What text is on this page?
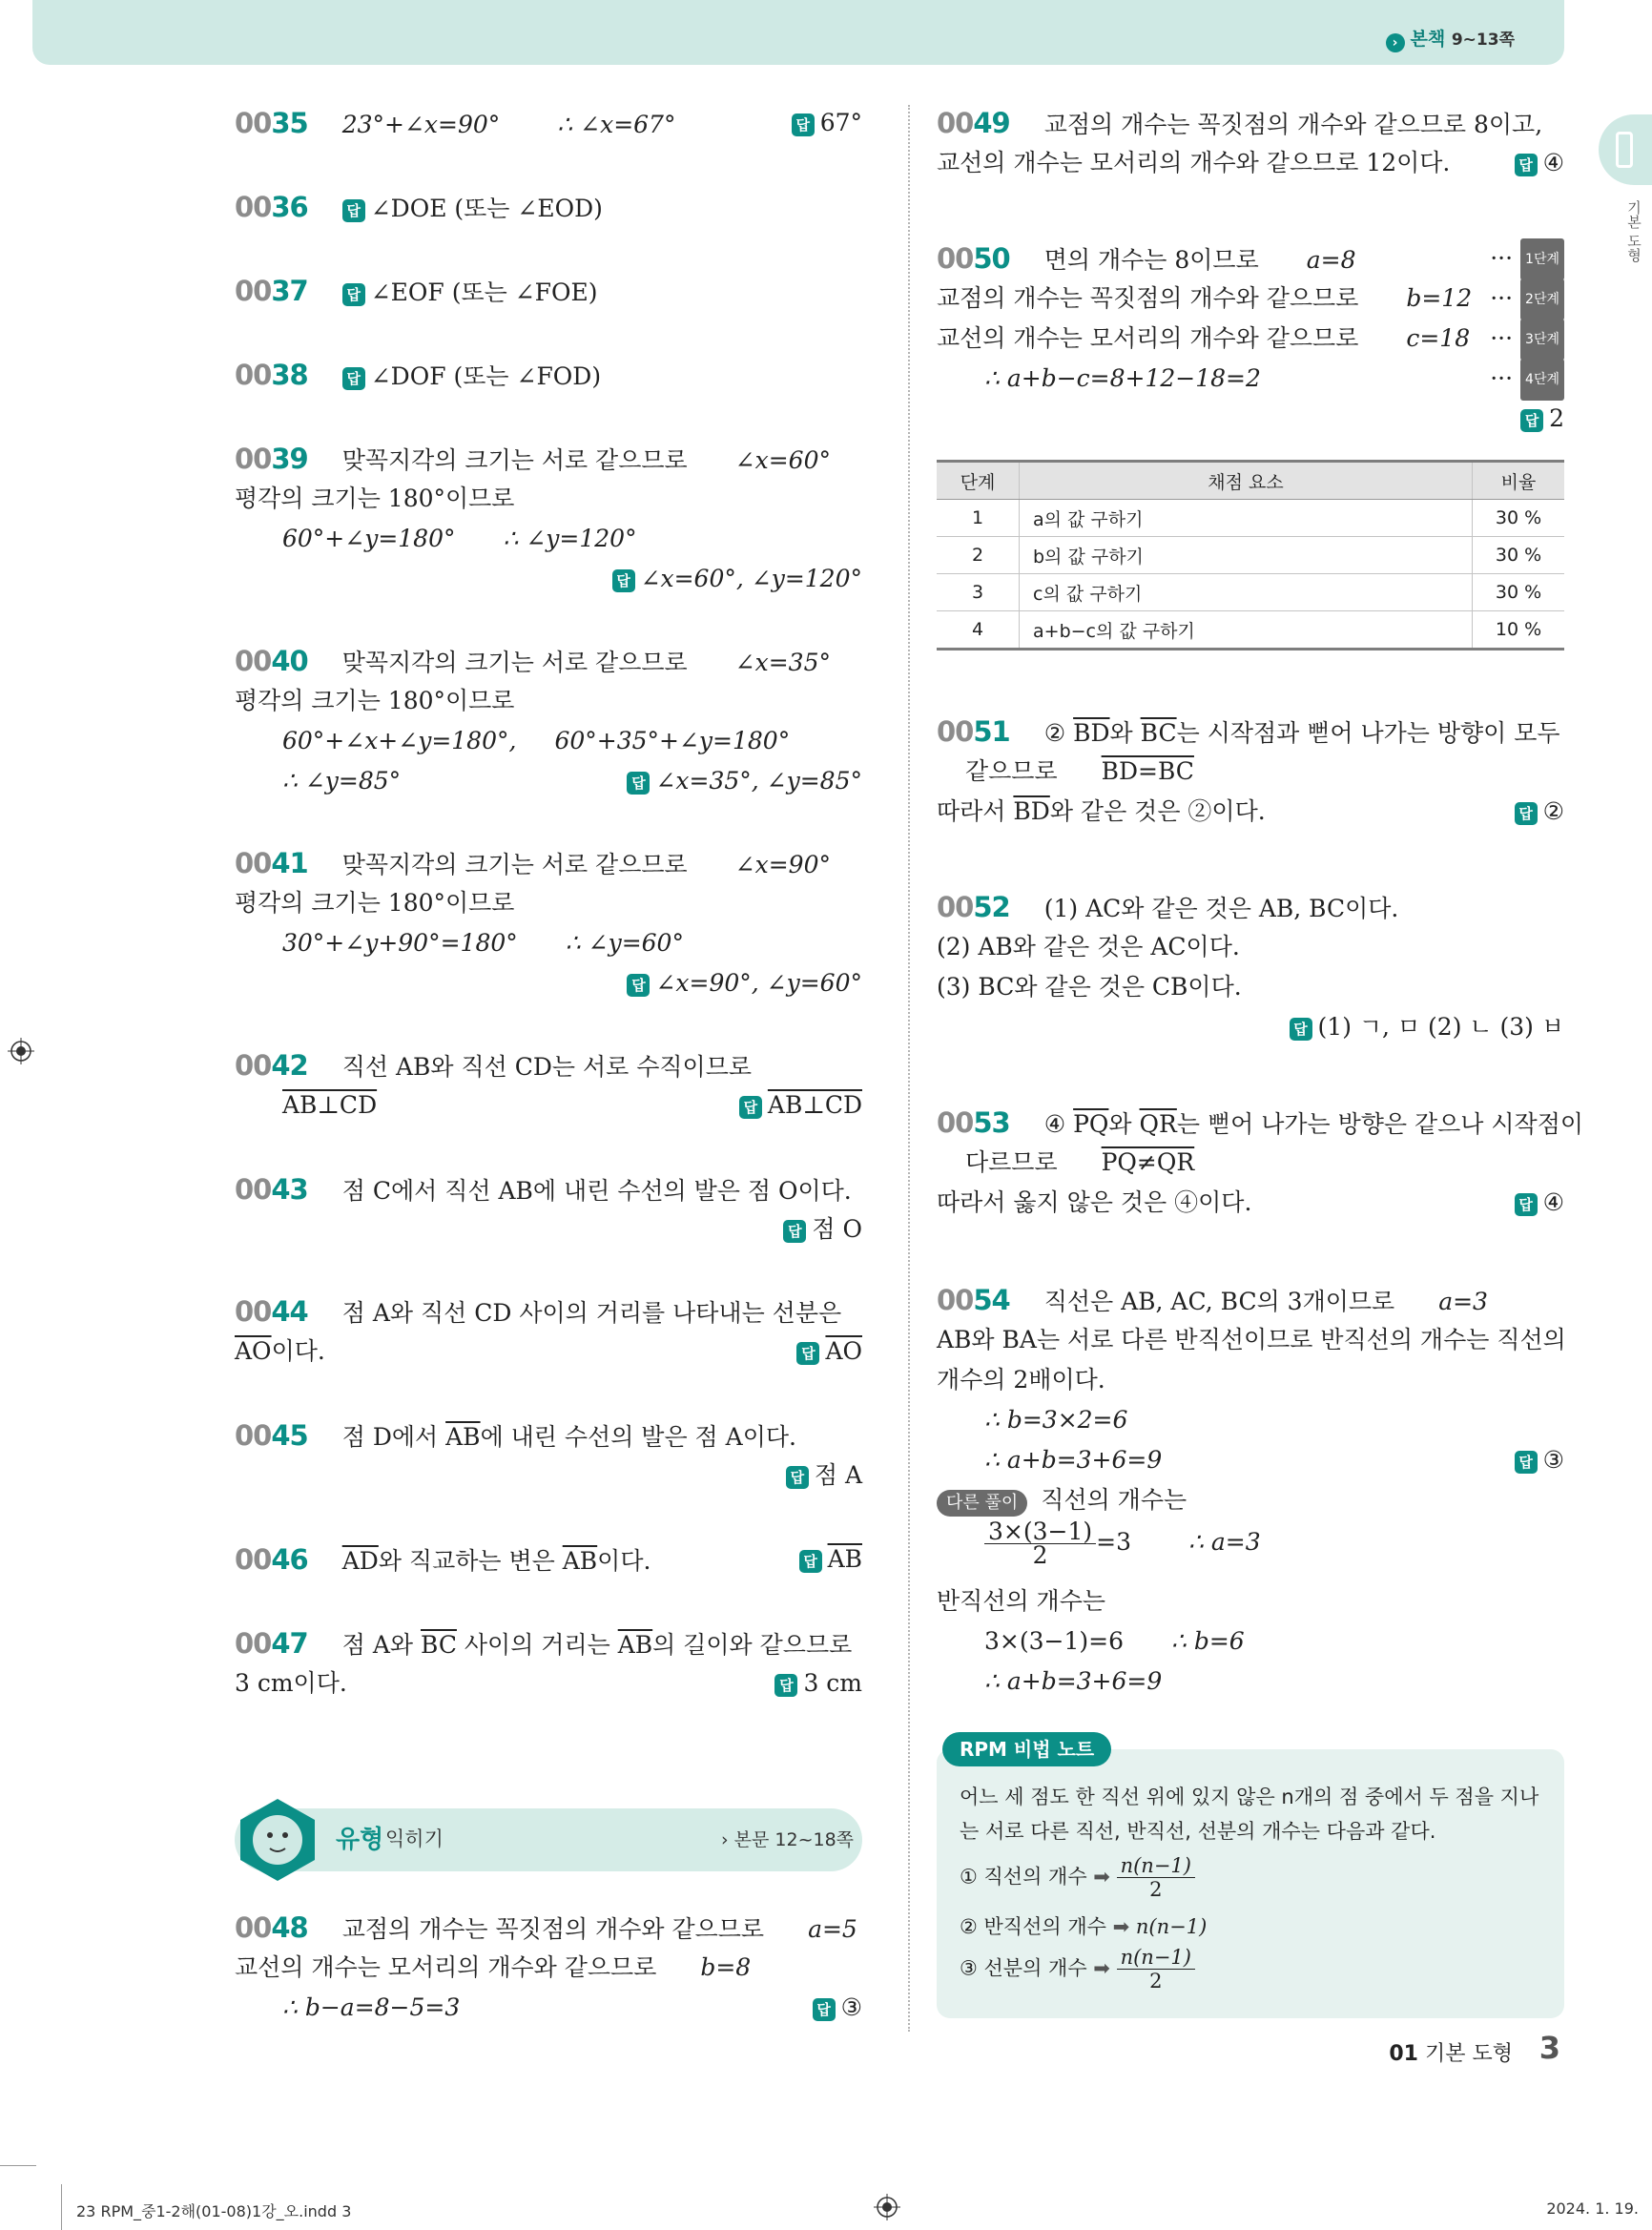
› 본책 9~13쪽
기본 도형
0035 23°+∠x=90° ∴ ∠x=67°	답 67°
0036	답 ∠DOE (또는 ∠EOD)
0037	답 ∠EOF (또는 ∠FOE)
0038	답 ∠DOF (또는 ∠FOD)
0039 맞꼭지각의 크기는 서로 같으므로 ∠x=60°
평각의 크기는 180°이므로
60°+∠y=180° ∴ ∠y=120°
답 ∠x=60°, ∠y=120°
0040 맞꼭지각의 크기는 서로 같으므로 ∠x=35°
평각의 크기는 180°이므로
60°+∠x+∠y=180°, 60°+35°+∠y=180°
∴ ∠y=85°	답 ∠x=35°, ∠y=85°
0041 맞꼭지각의 크기는 서로 같으므로 ∠x=90°
평각의 크기는 180°이므로
30°+∠y+90°=180° ∴ ∠y=60°
답 ∠x=90°, ∠y=60°
0042 직선 AB와 직선 CD는 서로 수직이므로
AB⊥CD	답 AB⊥CD
0043 점 C에서 직선 AB에 내린 수선의 발은 점 O이다.
답 점 O
0044 점 A와 직선 CD 사이의 거리를 나타내는 선분은
$\overline{AO}$이다.	답 $\overline{AO}$
0045 점 D에서 $\overline{AB}$에 내린 수선의 발은 점 A이다.
답 점 A
0046 $\overline{AD}$와 직교하는 변은 $\overline{AB}$이다.	답 $\overline{AB}$
0047 점 A와 $\overline{BC}$ 사이의 거리는 $\overline{AB}$의 길이와 같으므로
3 cm이다.	답 3 cm
유형 익히기	› 본문 12~18쪽
0048 교점의 개수는 꼭짓점의 개수와 같으므로 a=5
교선의 개수는 모서리의 개수와 같으므로 b=8
∴ b−a=8−5=3	답 ③
0049 교점의 개수는 꼭짓점의 개수와 같으므로 8이고,
교선의 개수는 모서리의 개수와 같으므로 12이다.	답 ④
0050 면의 개수는 8이므로 a=8	··· 1단계
교점의 개수는 꼭짓점의 개수와 같으므로 b=12 ··· 2단계
교선의 개수는 모서리의 개수와 같으므로 c=18 ··· 3단계
∴ a+b−c=8+12−18=2	··· 4단계
답 2
단계	채점 요소	비율
1	a의 값 구하기	30 %
2	b의 값 구하기	30 %
3	c의 값 구하기	30 %
4	a+b−c의 값 구하기	10 %
0051 ② $\overline{BD}$와 $\overline{BC}$는 시작점과 뻗어 나가는 방향이 모두
같으므로 BD=BC
따라서 $\overline{BD}$와 같은 것은 ②이다.	답 ②
0052 (1) AC와 같은 것은 AB, BC이다.
(2) AB와 같은 것은 AC이다.
(3) BC와 같은 것은 CB이다.
답 (1) ㄱ, ㅁ (2) ㄴ (3) ㅂ
0053 ④ $\overline{PQ}$와 $\overline{QR}$는 뻗어 나가는 방향은 같으나 시작점이
다르므로 PQ≠QR
따라서 옳지 않은 것은 ④이다.	답 ④
0054 직선은 AB, AC, BC의 3개이므로 a=3
AB와 BA는 서로 다른 반직선이므로 반직선의 개수는 직선의
개수의 2배이다.
∴ b=3×2=6
∴ a+b=3+6=9	답 ③
다른 풀이 직선의 개수는
$\frac{3\times(3-1)}{2} =3$ ∴ a=3
반직선의 개수는
3×(3−1)=6 ∴ b=6
∴ a+b=3+6=9
RPM 비법 노트
어느 세 점도 한 직선 위에 있지 않은 n개의 점 중에서 두 점을 지나
는 서로 다른 직선, 반직선, 선분의 개수는 다음과 같다.
① 직선의 개수 ➡ $\frac{n(n-1)}{2}$
② 반직선의 개수 ➡ n(n−1)
③ 선분의 개수 ➡ $\frac{n(n-1)}{2}$
01 기본 도형 3
23 RPM_중1-2해(01-08)1강_오.indd 3	2024. 1. 19.
